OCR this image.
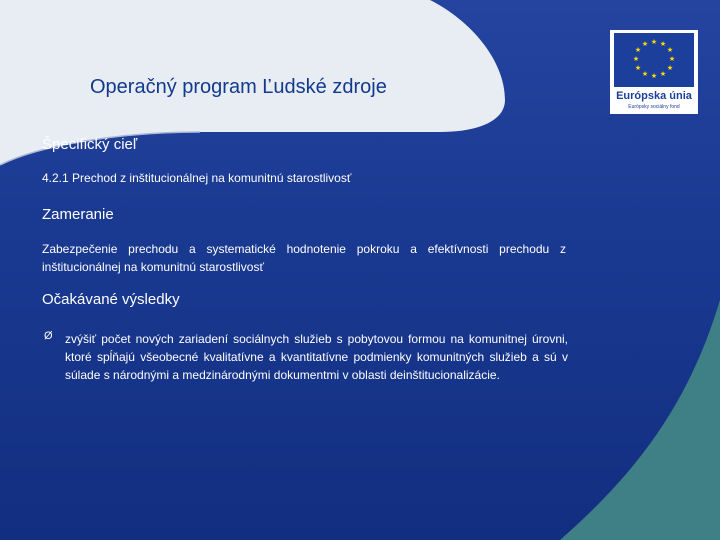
★ ★
★
★
★
★
★
★
★
★
★
★
Európska únia
Európsky sociálny fond
Operačný program Ľudské zdroje
Špecifický cieľ
4.2.1 Prechod z inštitucionálnej na komunitnú starostlivosť
Zameranie
Zabezpečenie prechodu a systematické hodnotenie pokroku a efektívnosti prechodu z inštitucionálnej na komunitnú starostlivosť
Očakávané výsledky
Ø zvýšiť počet nových zariadení sociálnych služieb s pobytovou formou na komunitnej úrovni, ktoré spĺňajú všeobecné kvalitatívne a kvantitatívne podmienky komunitných služieb a sú v súlade s národnými a medzinárodnými dokumentmi v oblasti deinštitucionalizácie.
